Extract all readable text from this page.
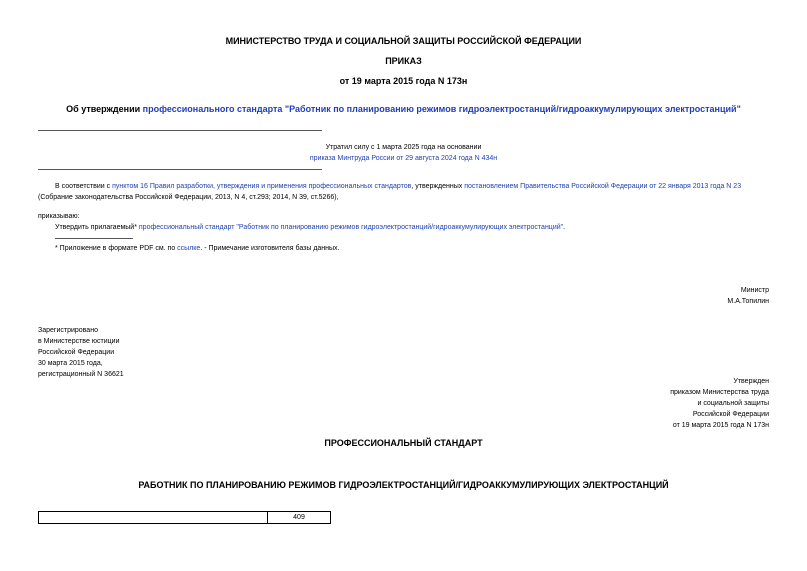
МИНИСТЕРСТВО ТРУДА И СОЦИАЛЬНОЙ ЗАЩИТЫ РОССИЙСКОЙ ФЕДЕРАЦИИ
ПРИКАЗ
от 19 марта 2015 года N 173н
Об утверждении профессионального стандарта "Работник по планированию режимов гидроэлектростанций/гидроаккумулирующих электростанций"
Утратил силу с 1 марта 2025 года на основании
приказа Минтруда России от 29 августа 2024 года N 434н
В соответствии с пунктом 16 Правил разработки, утверждения и применения профессиональных стандартов, утвержденных постановлением Правительства Российской Федерации от 22 января 2013 года N 23
(Собрание законодательства Российской Федерации, 2013, N 4, ст.293; 2014, N 39, ст.5266),
приказываю:
Утвердить прилагаемый* профессиональный стандарт "Работник по планированию режимов гидроэлектростанций/гидроаккумулирующих электростанций".
* Приложение в формате PDF см. по ссылке. - Примечание изготовителя базы данных.
Министр
М.А.Топилин
Зарегистрировано
в Министерстве юстиции
Российской Федерации
30 марта 2015 года,
регистрационный N 36621
Утвержден
приказом Министерства труда
и социальной защиты
Российской Федерации
от 19 марта 2015 года N 173н
ПРОФЕССИОНАЛЬНЫЙ СТАНДАРТ
РАБОТНИК ПО ПЛАНИРОВАНИЮ РЕЖИМОВ ГИДРОЭЛЕКТРОСТАНЦИЙ/ГИДРОАККУМУЛИРУЮЩИХ ЭЛЕКТРОСТАНЦИЙ
409
